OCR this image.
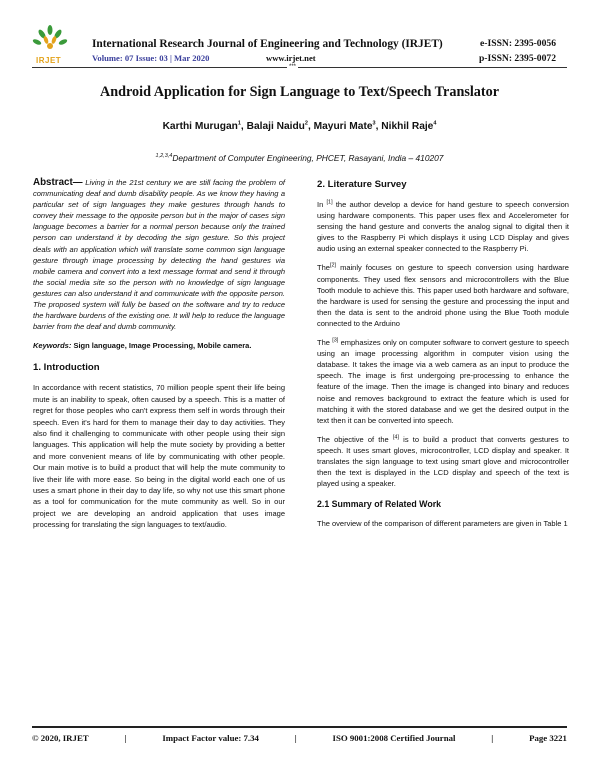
IRJET
International Research Journal of Engineering and Technology (IRJET)
Volume: 07 Issue: 03 | Mar 2020	www.irjet.net
e-ISSN: 2395-0056
p-ISSN: 2395-0072
***
Android Application for Sign Language to Text/Speech Translator
Karthi Murugan$^1$, Balaji Naidu$^2$, Mayuri Mate$^3$, Nikhil Raje$^4$
$^{1,2,3,4}$Department of Computer Engineering, PHCET, Rasayani, India – 410207

Abstract— Living in the 21st century we are still facing the problem of communicating deaf and dumb disability people. As we know they having a particular set of sign languages they make gestures through hands to convey their message to the opposite person but in the major of cases sign language becomes a barrier for a normal person because only the trained person can understand it by decoding the sign gesture. So this project deals with an application which will translate some common sign language gesture through image processing by detecting the hand gestures via mobile camera and convert into a text message format and send it through the social media site so the person with no knowledge of sign language gestures can also understand it and communicate with the opposite person. The proposed system will fully be based on the software and try to reduce the hardware burdens of the existing one. It will help to reduce the language barrier from the deaf and dumb community.

Keywords: Sign language, Image Processing, Mobile camera.

1. Introduction

In accordance with recent statistics, 70 million people spent their life being mute is an inability to speak, often caused by a speech. This is a matter of regret for those peoples who can't express them self in words through their speech. Even it's hard for them to manage their day to day activities. They also find it challenging to communicate with other people using their sign languages. This application will help the mute society by providing a better and more convenient means of life by communicating with other people. Our main motive is to build a product that will help the mute community to live their life with more ease. So being in the digital world each one of us uses a smart phone in their day to day life, so why not use this smart phone as a tool for communication for the mute community as well. So in our project we are developing an android application that uses image processing for translating the sign languages to text/audio.

2. Literature Survey

In [1] the author develop a device for hand gesture to speech conversion using hardware components. This paper uses flex and Accelerometer for sensing the hand gesture and converts the analog signal to digital then it gives to the Raspberry Pi which displays it using LCD Display and gives audio using an external speaker connected to the Raspberry Pi.

The[2] mainly focuses on gesture to speech conversion using hardware components. They used flex sensors and microcontrollers with the Blue Tooth module to achieve this. This paper used both hardware and software, the hardware is used for sensing the gesture and processing the input and then the data is sent to the android phone using the Blue Tooth module connected to the Arduino

The [3] emphasizes only on computer software to convert gesture to speech using an image processing algorithm in computer vision using the database. It takes the image via a web camera as an input to produce the speech. The image is first undergoing pre-processing to enhance the feature of the image. Then the image is changed into binary and reduces noise and removes background to extract the feature which is used for matching it with the stored database and we get the desired output in the text then it can be converted into speech.

The objective of the [4] is to build a product that converts gestures to speech. It uses smart gloves, microcontroller, LCD display and speaker. It translates the sign language to text using smart glove and microcontroller then the text is displayed in the LCD display and speech of the text is played using a speaker.

2.1 Summary of Related Work

The overview of the comparison of different parameters are given in Table 1

© 2020, IRJET	|	Impact Factor value: 7.34	|	ISO 9001:2008 Certified Journal	|	Page 3221
